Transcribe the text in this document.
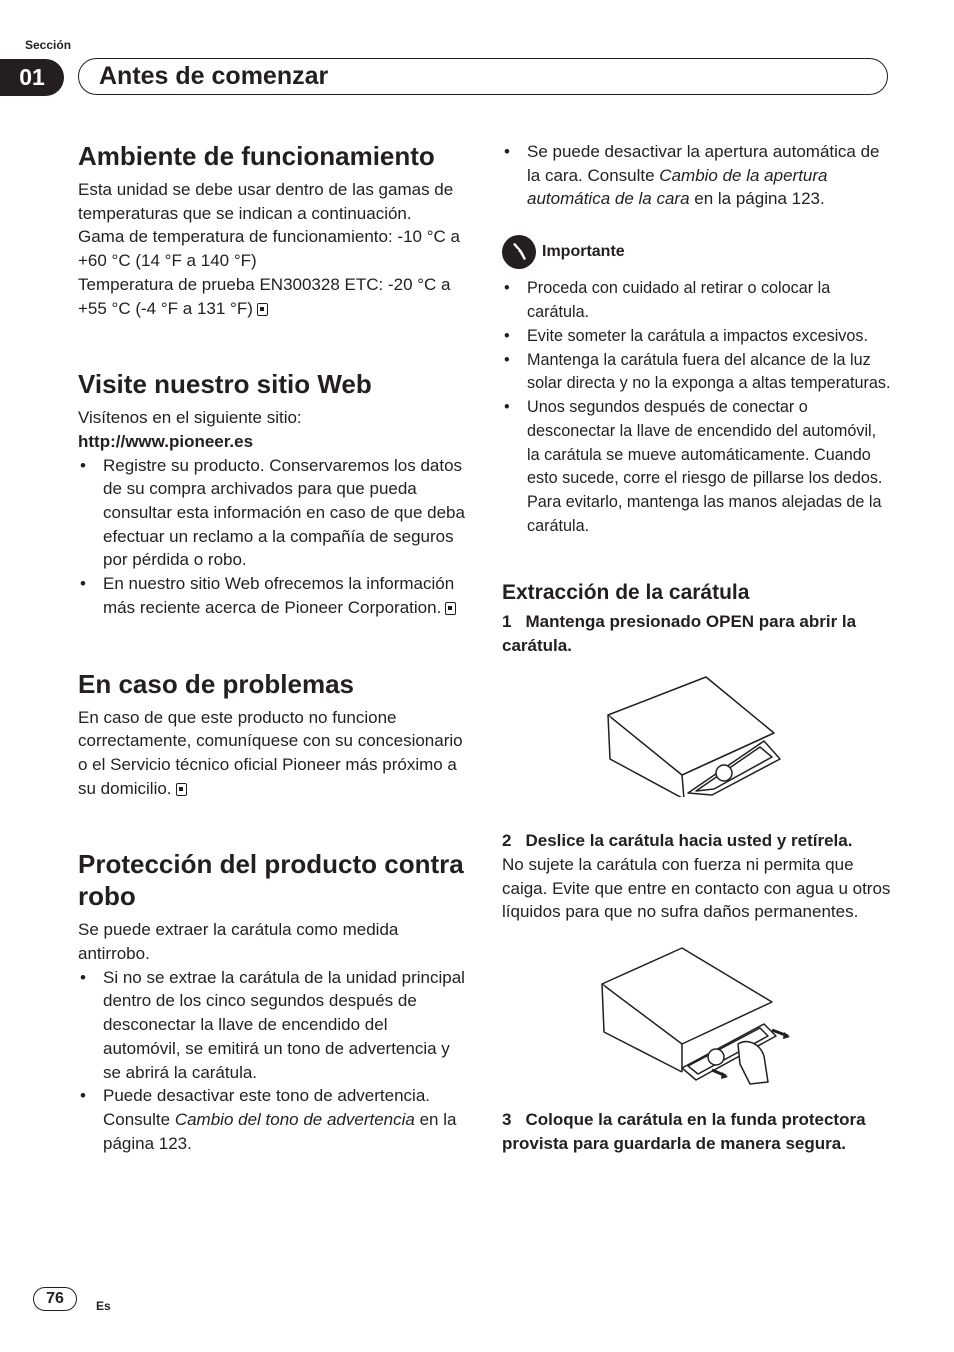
Sección
01 Antes de comenzar
Ambiente de funcionamiento

Esta unidad se debe usar dentro de las gamas de temperaturas que se indican a continuación.

Gama de temperatura de funcionamiento: -10 °C a +60 °C (14 °F a 140 °F)

Temperatura de prueba EN300328 ETC: -20 °C a +55 °C (-4 °F a 131 °F)

Visite nuestro sitio Web

Visítenos en el siguiente sitio:

http://www.pioneer.es

• Registre su producto. Conservaremos los datos de su compra archivados para que pueda consultar esta información en caso de que deba efectuar un reclamo a la compañía de seguros por pérdida o robo.
• En nuestro sitio Web ofrecemos la información más reciente acerca de Pioneer Corporation.
En caso de problemas

En caso de que este producto no funcione correctamente, comuníquese con su concesionario o el Servicio técnico oficial Pioneer más próximo a su domicilio.

Protección del producto contra robo

Se puede extraer la carátula como medida antirrobo.

• Si no se extrae la carátula de la unidad principal dentro de los cinco segundos después de desconectar la llave de encendido del automóvil, se emitirá un tono de advertencia y se abrirá la carátula.
• Puede desactivar este tono de advertencia. Consulte Cambio del tono de advertencia en la página 123.
• Se puede desactivar la apertura automática de la cara. Consulte Cambio de la apertura automática de la cara en la página 123.
Importante
• Proceda con cuidado al retirar o colocar la carátula.
• Evite someter la carátula a impactos excesivos.
• Mantenga la carátula fuera del alcance de la luz solar directa y no la exponga a altas temperaturas.
• Unos segundos después de conectar o desconectar la llave de encendido del automóvil, la carátula se mueve automáticamente. Cuando esto sucede, corre el riesgo de pillarse los dedos. Para evitarlo, mantenga las manos alejadas de la carátula.
Extracción de la carátula

1 Mantenga presionado OPEN para abrir la carátula.

2 Deslice la carátula hacia usted y retírela.

No sujete la carátula con fuerza ni permita que caiga. Evite que entre en contacto con agua u otros líquidos para que no sufra daños permanentes.

3 Coloque la carátula en la funda protectora provista para guardarla de manera segura.

76	Es
